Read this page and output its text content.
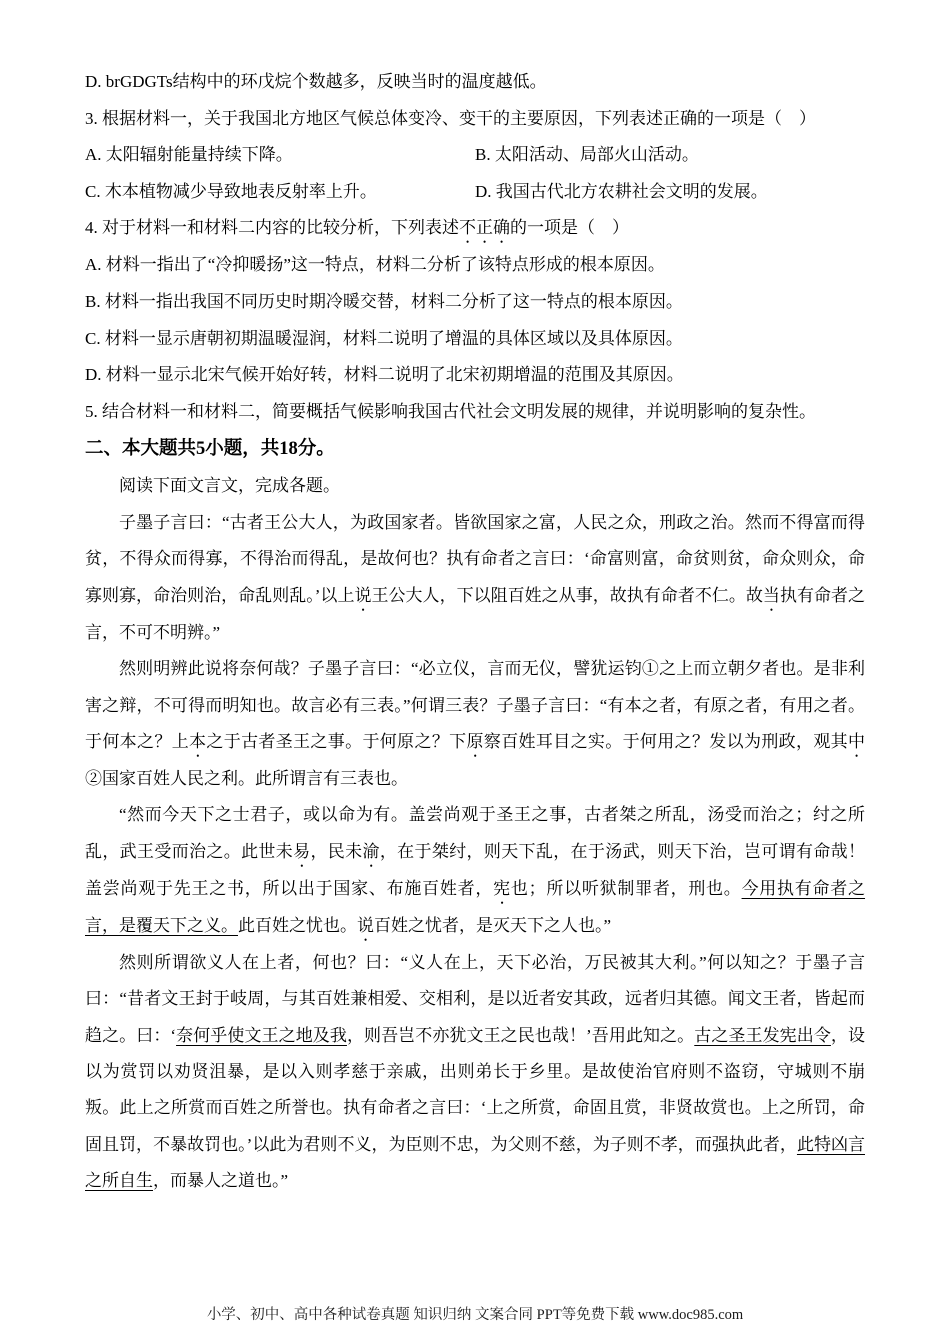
D. brGDGTs结构中的环戊烷个数越多，反映当时的温度越低。

3. 根据材料一，关于我国北方地区气候总体变冷、变干的主要原因，下列表述正确的一项是（　）

A. 太阳辐射能量持续下降。	B. 太阳活动、局部火山活动。
C. 木本植物减少导致地表反射率上升。	D. 我国古代北方农耕社会文明的发展。

4. 对于材料一和材料二内容的比较分析，下列表述不正确的一项是（　）

A. 材料一指出了“冷抑暖扬”这一特点，材料二分析了该特点形成的根本原因。

B. 材料一指出我国不同历史时期冷暖交替，材料二分析了这一特点的根本原因。

C. 材料一显示唐朝初期温暖湿润，材料二说明了增温的具体区域以及具体原因。

D. 材料一显示北宋气候开始好转，材料二说明了北宋初期增温的范围及其原因。

5. 结合材料一和材料二，简要概括气候影响我国古代社会文明发展的规律，并说明影响的复杂性。

二、本大题共5小题，共18分。

阅读下面文言文，完成各题。

子墨子言曰：“古者王公大人，为政国家者。皆欲国家之富，人民之众，刑政之治。然而不得富而得贫，不得众而得寡，不得治而得乱，是故何也？执有命者之言曰：‘命富则富，命贫则贫，命众则众，命寡则寡，命治则治，命乱则乱。’以上说王公大人，下以阻百姓之从事，故执有命者不仁。故当执有命者之言，不可不明辨。”

然则明辨此说将奈何哉？子墨子言曰：“必立仪，言而无仪，譬犹运钧①之上而立朝夕者也。是非利害之辩，不可得而明知也。故言必有三表。”何谓三表？子墨子言曰：“有本之者，有原之者，有用之者。于何本之？上本之于古者圣王之事。于何原之？下原察百姓耳目之实。于何用之？发以为刑政，观其中②国家百姓人民之利。此所谓言有三表也。

“然而今天下之士君子，或以命为有。盖尝尚观于圣王之事，古者桀之所乱，汤受而治之；纣之所乱，武王受而治之。此世未易，民未渝，在于桀纣，则天下乱，在于汤武，则天下治，岂可谓有命哉！盖尝尚观于先王之书，所以出于国家、布施百姓者，宪也；所以听狱制罪者，刑也。今用执有命者之言，是覆天下之义。此百姓之忧也。说百姓之忧者，是灭天下之人也。”

然则所谓欲义人在上者，何也？曰：“义人在上，天下必治，万民被其大利。”何以知之？于墨子言曰：“昔者文王封于岐周，与其百姓兼相爱、交相利，是以近者安其政，远者归其德。闻文王者，皆起而趋之。曰：‘奈何乎使文王之地及我，则吾岂不亦犹文王之民也哉！’吾用此知之。古之圣王发宪出令，设以为赏罚以劝贤沮暴，是以入则孝慈于亲戚，出则弟长于乡里。是故使治官府则不盗窃，守城则不崩叛。此上之所赏而百姓之所誉也。执有命者之言曰：‘上之所赏，命固且赏，非贤故赏也。上之所罚，命固且罚，不暴故罚也。’以此为君则不义，为臣则不忠，为父则不慈，为子则不孝，而强执此者，此特凶言之所自生，而暴人之道也。”

小学、初中、高中各种试卷真题 知识归纳 文案合同 PPT等免费下载 www.doc985.com
